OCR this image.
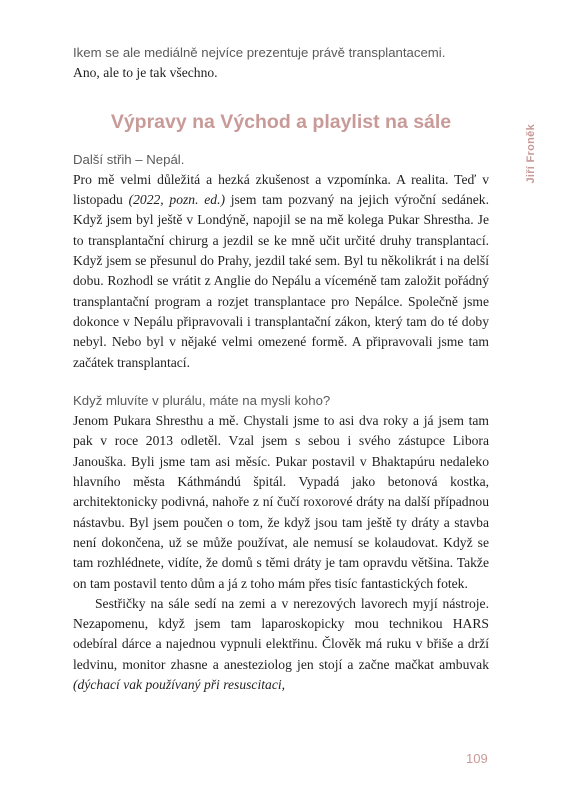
Ikem se ale mediálně nejvíce prezentuje právě transplantacemi.

Ano, ale to je tak všechno.

Výpravy na Východ a playlist na sále

Další střih – Nepál.

Pro mě velmi důležitá a hezká zkušenost a vzpomínka. A realita. Teď v listopadu (2022, pozn. ed.) jsem tam pozvaný na jejich výroční sedánek. Když jsem byl ještě v Londýně, napojil se na mě kolega Pukar Shrestha. Je to transplantační chirurg a jezdil se ke mně učit určité druhy transplantací. Když jsem se přesunul do Prahy, jezdil také sem. Byl tu několikrát i na delší dobu. Rozhodl se vrátit z Anglie do Nepálu a víceméně tam založit pořádný transplantační program a rozjet transplantace pro Nepálce. Společně jsme dokonce v Nepálu připravovali i transplantační zákon, který tam do té doby nebyl. Nebo byl v nějaké velmi omezené formě. A připravovali jsme tam začátek transplantací.

Když mluvíte v plurálu, máte na mysli koho?

Jenom Pukara Shresthu a mě. Chystali jsme to asi dva roky a já jsem tam pak v roce 2013 odletěl. Vzal jsem s sebou i svého zástupce Libora Janouška. Byli jsme tam asi měsíc. Pukar postavil v Bhaktapúru nedaleko hlavního města Káthmándú špitál. Vypadá jako betonová kostka, architektonicky podivná, nahoře z ní čučí roxorové dráty na další případnou nástavbu. Byl jsem poučen o tom, že když jsou tam ještě ty dráty a stavba není dokončena, už se může používat, ale nemusí se kolaudovat. Když se tam rozhlédnete, vidíte, že domů s těmi dráty je tam opravdu většina. Takže on tam postavil tento dům a já z toho mám přes tisíc fantastických fotek.

Sestřičky na sále sedí na zemi a v nerezových lavorech myjí nástroje. Nezapomenu, když jsem tam laparoskopicky mou technikou HARS odebíral dárce a najednou vypnuli elektřinu. Člověk má ruku v břiše a drží ledvinu, monitor zhasne a anesteziolog jen stojí a začne mačkat ambuvak (dýchací vak používaný při resuscitaci,

Jiří Froněk
109
